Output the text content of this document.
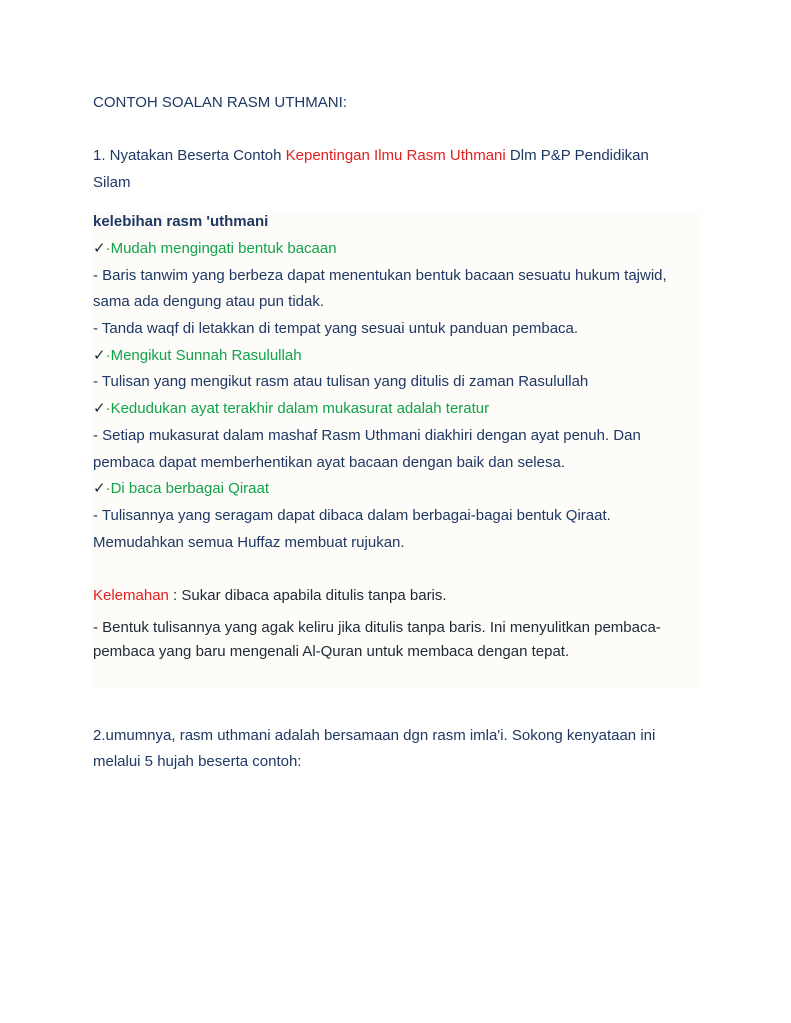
CONTOH SOALAN RASM UTHMANI:
1. Nyatakan Beserta Contoh Kepentingan Ilmu Rasm Uthmani Dlm P&P Pendidikan
Silam
kelebihan rasm 'uthmani
✓·Mudah mengingati bentuk bacaan
- Baris tanwim yang berbeza dapat menentukan bentuk bacaan sesuatu hukum tajwid,
sama ada dengung atau pun tidak.
- Tanda waqf di letakkan di tempat yang sesuai untuk panduan pembaca.
✓·Mengikut Sunnah Rasulullah
- Tulisan yang mengikut rasm atau tulisan yang ditulis di zaman Rasulullah
✓·Kedudukan ayat terakhir dalam mukasurat adalah teratur
- Setiap mukasurat dalam mashaf Rasm Uthmani diakhiri dengan ayat penuh. Dan
pembaca dapat memberhentikan ayat bacaan dengan baik dan selesa.
✓·Di baca berbagai Qiraat
- Tulisannya yang seragam dapat dibaca dalam berbagai-bagai bentuk Qiraat.
Memudahkan semua Huffaz membuat rujukan.
Kelemahan : Sukar dibaca apabila ditulis tanpa baris.
- Bentuk tulisannya yang agak keliru jika ditulis tanpa baris. Ini menyulitkan pembaca-
pembaca yang baru mengenali Al-Quran untuk membaca dengan tepat.
2.umumnya, rasm uthmani adalah bersamaan dgn rasm imla'i. Sokong kenyataan ini
melalui 5 hujah beserta contoh:
